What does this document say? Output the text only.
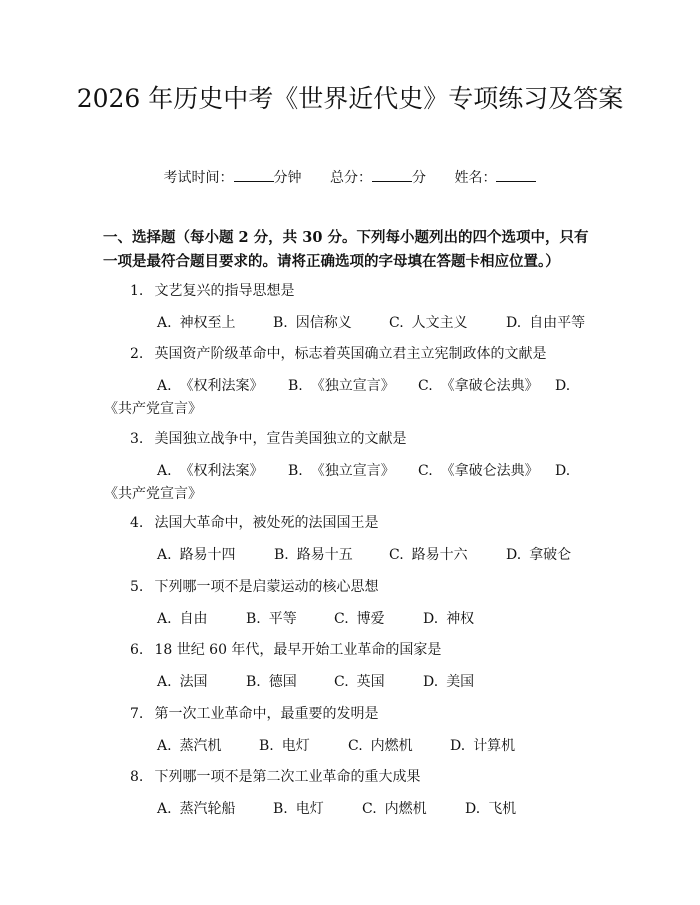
2026 年历史中考《世界近代史》专项练习及答案
考试时间：	分钟 总分：	分 姓名：

一、选择题（每小题 2 分，共 30 分。下列每小题列出的四个选项中，只有一项是最符合题目要求的。请将正确选项的字母填在答题卡相应位置。）

1. 文艺复兴的指导思想是

A. 神权至上	B. 因信称义	C. 人文主义	D. 自由平等

2. 英国资产阶级革命中，标志着英国确立君主立宪制政体的文献是

A. 《权利法案》 B. 《独立宣言》 C. 《拿破仑法典》 D.

《共产党宣言》

3. 美国独立战争中，宣告美国独立的文献是

A. 《权利法案》 B. 《独立宣言》 C. 《拿破仑法典》 D.

《共产党宣言》

4. 法国大革命中，被处死的法国国王是

A. 路易十四	B. 路易十五	C. 路易十六	D. 拿破仑

5. 下列哪一项不是启蒙运动的核心思想

A. 自由	B. 平等	C. 博爱	D. 神权

6. 18 世纪 60 年代，最早开始工业革命的国家是

A. 法国	B. 德国	C. 英国	D. 美国

7. 第一次工业革命中，最重要的发明是

A. 蒸汽机	B. 电灯	C. 内燃机	D. 计算机

8. 下列哪一项不是第二次工业革命的重大成果

A. 蒸汽轮船	B. 电灯	C. 内燃机	D. 飞机
